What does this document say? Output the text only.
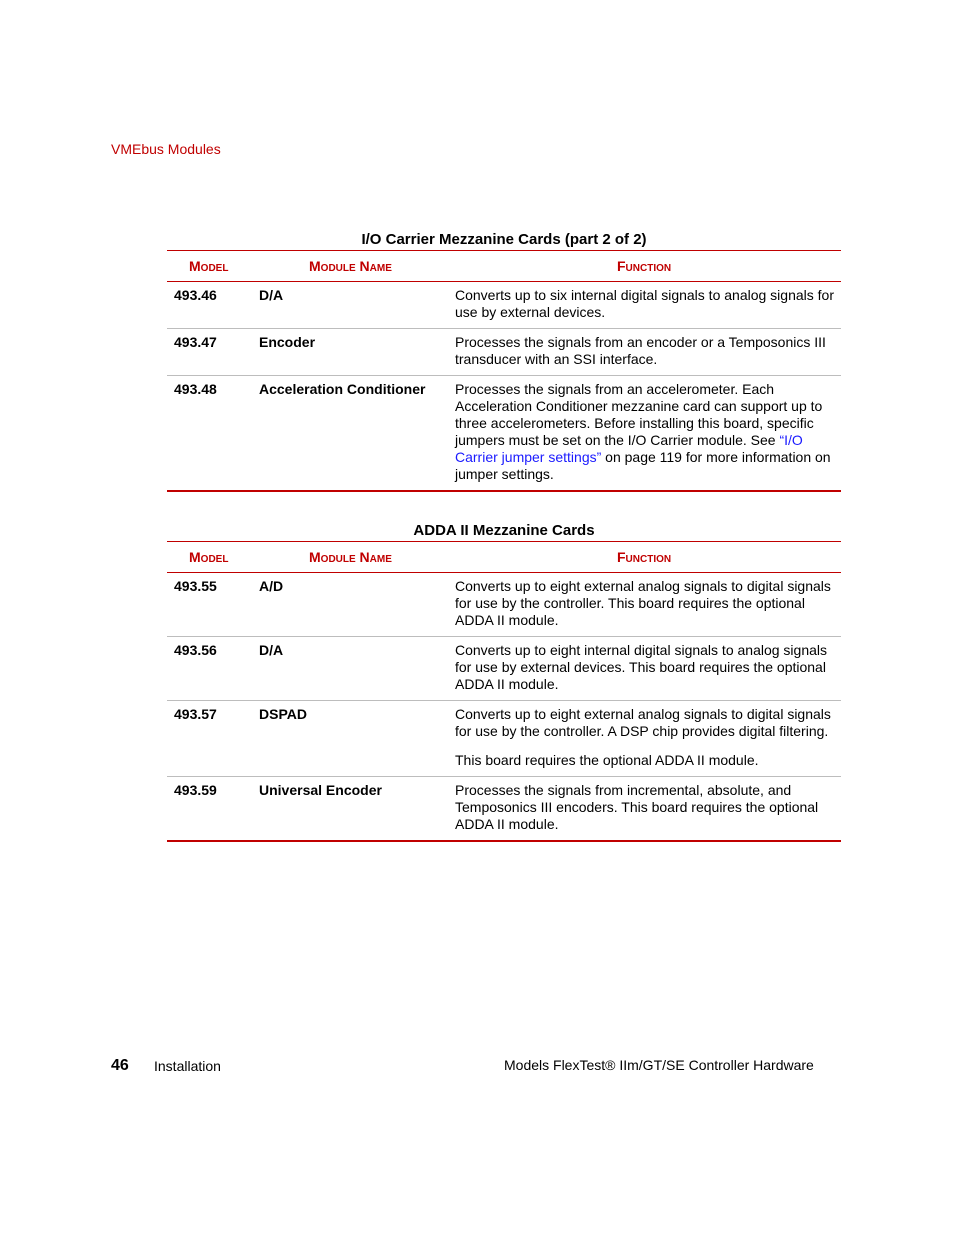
VMEbus Modules
I/O Carrier Mezzanine Cards (part 2 of 2)
Model	Module Name	Function
493.46	D/A	Converts up to six internal digital signals to analog signals for use by external devices.
493.47	Encoder	Processes the signals from an encoder or a Temposonics III transducer with an SSI interface.
493.48	Acceleration Conditioner	Processes the signals from an accelerometer. Each Acceleration Conditioner mezzanine card can support up to three accelerometers. Before installing this board, specific jumpers must be set on the I/O Carrier module. See “I/O Carrier jumper settings” on page 119 for more information on jumper settings.
ADDA II Mezzanine Cards
Model	Module Name	Function
493.55	A/D	Converts up to eight external analog signals to digital signals for use by the controller. This board requires the optional ADDA II module.
493.56	D/A	Converts up to eight internal digital signals to analog signals for use by external devices. This board requires the optional ADDA II module.
493.57	DSPAD	Converts up to eight external analog signals to digital signals for use by the controller. A DSP chip provides digital filtering.
This board requires the optional ADDA II module.

493.59	Universal Encoder	Processes the signals from incremental, absolute, and Temposonics III encoders. This board requires the optional ADDA II module.
46 Installation	Models FlexTest® IIm/GT/SE Controller Hardware
